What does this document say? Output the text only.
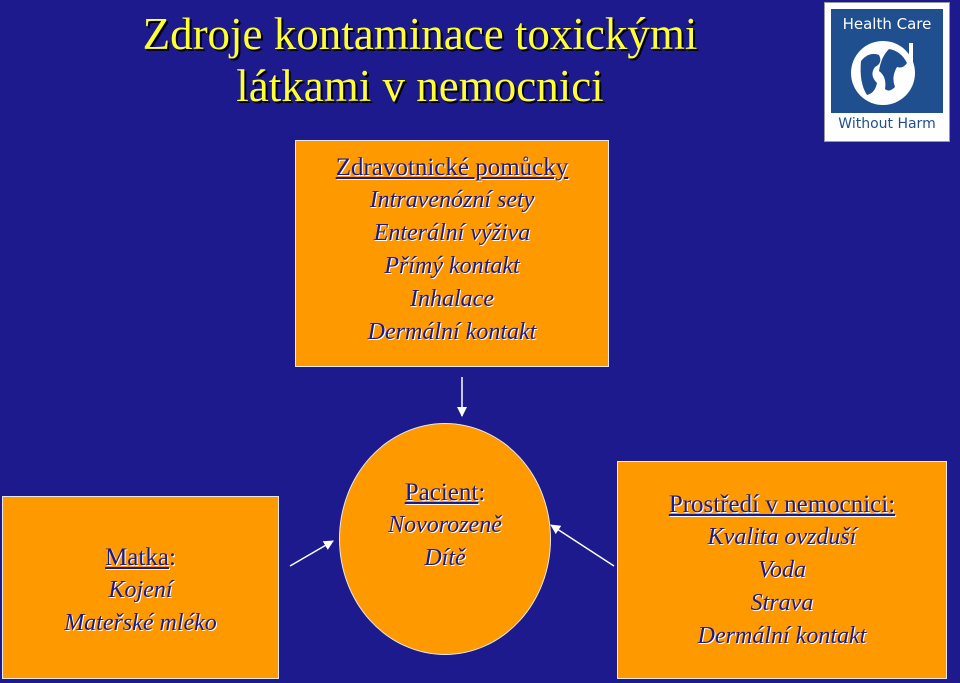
Zdroje kontaminace toxickými
látkami v nemocnici
Health Care
Without Harm
Zdravotnické pomůcky
Intravenózní sety
Enterální výživa
Přímý kontakt
Inhalace
Dermální kontakt
Matka:
Kojení
Mateřské mléko
Pacient:
Novorozeně
Dítě
Prostředí v nemocnici:
Kvalita ovzduší
Voda
Strava
Dermální kontakt
